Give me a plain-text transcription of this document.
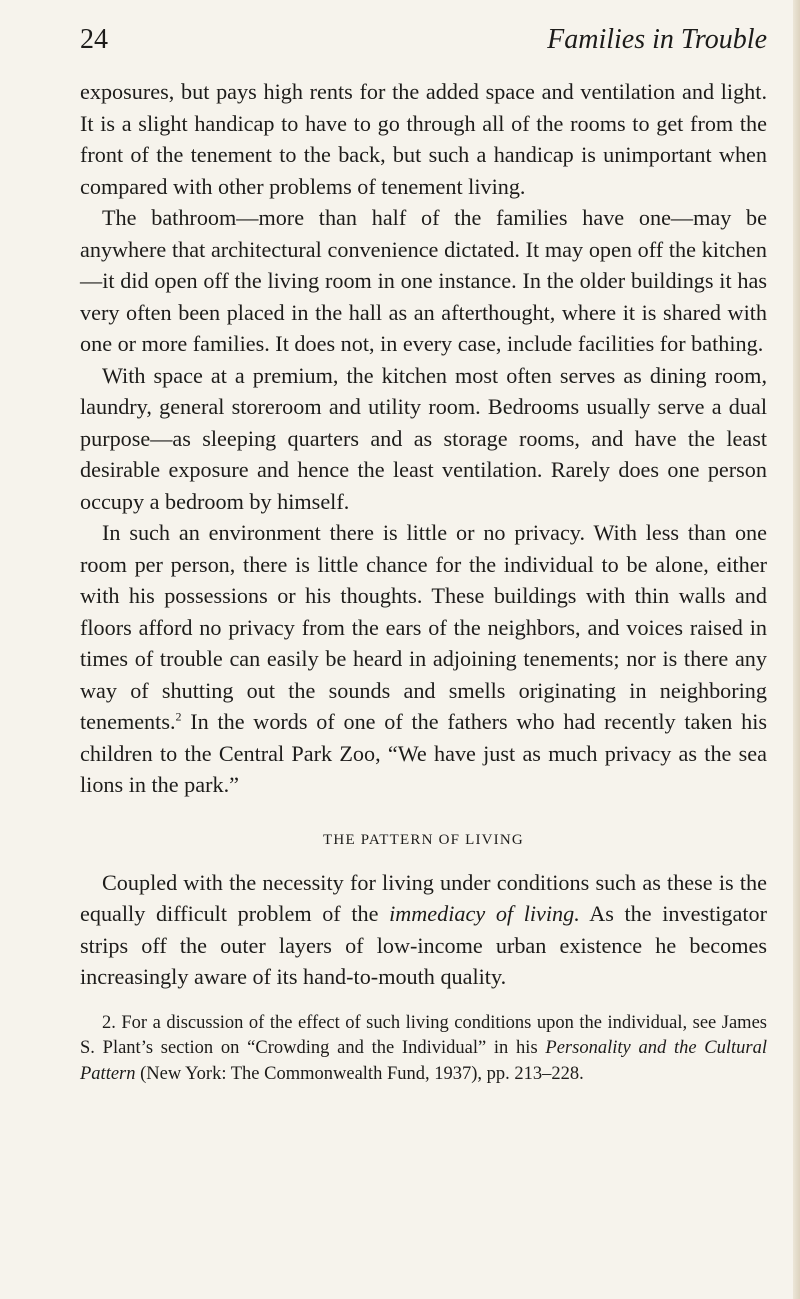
24	Families in Trouble

exposures, but pays high rents for the added space and ventilation and light. It is a slight handicap to have to go through all of the rooms to get from the front of the tenement to the back, but such a handicap is unimportant when compared with other problems of tenement living.

The bathroom—more than half of the families have one—may be anywhere that architectural convenience dictated. It may open off the kitchen—it did open off the living room in one instance. In the older buildings it has very often been placed in the hall as an afterthought, where it is shared with one or more families. It does not, in every case, include facilities for bathing.

With space at a premium, the kitchen most often serves as dining room, laundry, general storeroom and utility room. Bedrooms usually serve a dual purpose—as sleeping quarters and as storage rooms, and have the least desirable exposure and hence the least ventilation. Rarely does one person occupy a bedroom by himself.

In such an environment there is little or no privacy. With less than one room per person, there is little chance for the individual to be alone, either with his possessions or his thoughts. These buildings with thin walls and floors afford no privacy from the ears of the neighbors, and voices raised in times of trouble can easily be heard in adjoining tenements; nor is there any way of shutting out the sounds and smells originating in neighboring tenements.$^2$ In the words of one of the fathers who had recently taken his children to the Central Park Zoo, “We have just as much privacy as the sea lions in the park.”

THE PATTERN OF LIVING

Coupled with the necessity for living under conditions such as these is the equally difficult problem of the immediacy of living. As the investigator strips off the outer layers of low-income urban existence he becomes increasingly aware of its hand-to-mouth quality.

2. For a discussion of the effect of such living conditions upon the individual, see James S. Plant’s section on “Crowding and the Individual” in his Personality and the Cultural Pattern (New York: The Commonwealth Fund, 1937), pp. 213–228.
